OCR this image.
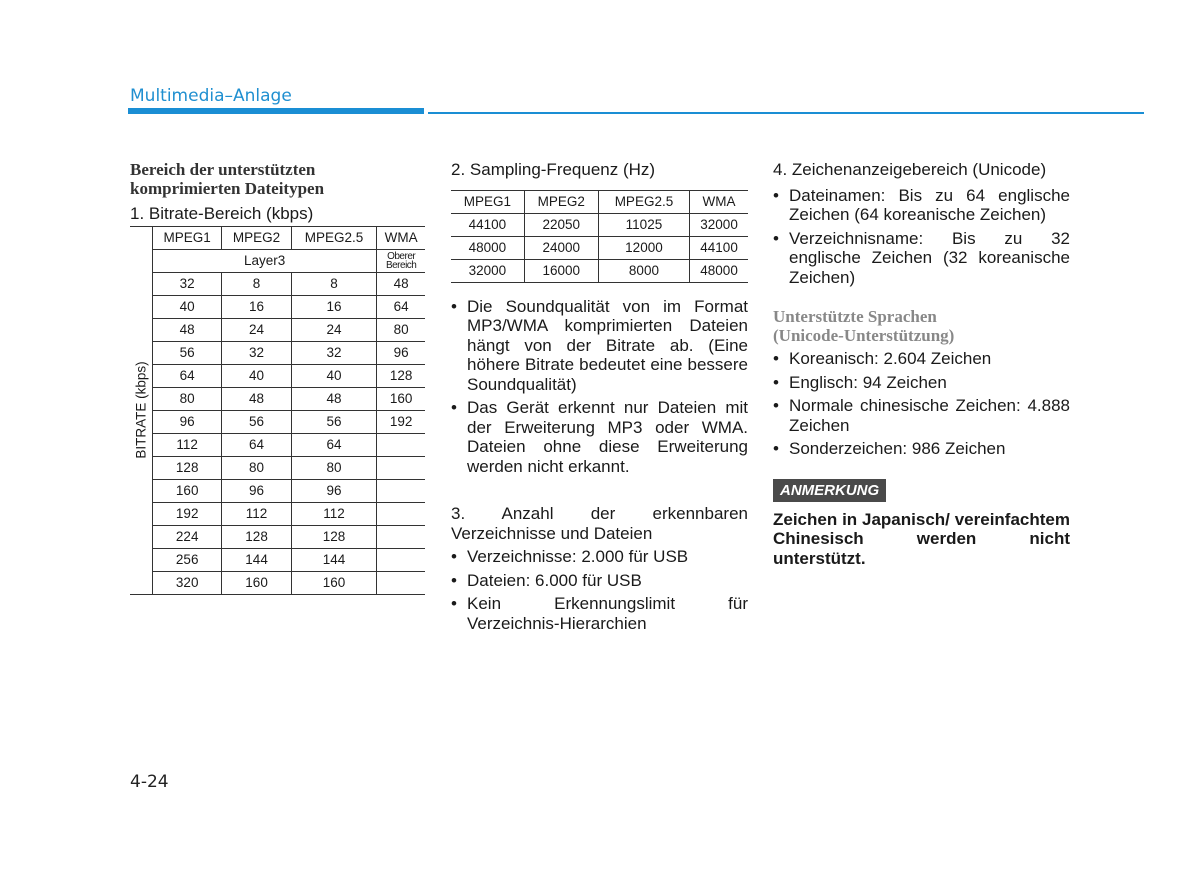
Multimedia–Anlage
Bereich der unterstützten
komprimierten Dateitypen
1. Bitrate-Bereich (kbps)
BITRATE (kbps)	MPEG1	MPEG2	MPEG2.5	WMA
	Layer3			Oberer
Bereich

	32	8	8	48
	40	16	16	64
	48	24	24	80
	56	32	32	96
	64	40	40	128
	80	48	48	160
	96	56	56	192
	112	64	64	
	128	80	80	
	160	96	96	
	192	112	112	
	224	128	128	
	256	144	144	
	320	160	160	
2. Sampling-Frequenz (Hz)
MPEG1	MPEG2	MPEG2.5	WMA
44100	22050	11025	32000
48000	24000	12000	44100
32000	16000	8000	48000
• Die Soundqualität von im Format MP3/WMA komprimierten Dateien hängt von der Bitrate ab. (Eine höhere Bitrate bedeutet eine bessere Soundqualität)
• Das Gerät erkennt nur Dateien mit der Erweiterung MP3 oder WMA. Dateien ohne diese Erweiterung werden nicht erkannt.
3. Anzahl der erkennbaren Verzeichnisse und Dateien
• Verzeichnisse: 2.000 für USB
• Dateien: 6.000 für USB
• Kein Erkennungslimit für Verzeichnis-Hierarchien
4. Zeichenanzeigebereich (Unicode)
• Dateinamen: Bis zu 64 englische Zeichen (64 koreanische Zeichen)
• Verzeichnisname: Bis zu 32 englische Zeichen (32 koreanische Zeichen)
Unterstützte Sprachen
(Unicode-Unterstützung)
• Koreanisch: 2.604 Zeichen
• Englisch: 94 Zeichen
• Normale chinesische Zeichen: 4.888 Zeichen
• Sonderzeichen: 986 Zeichen
ANMERKUNG
Zeichen in Japanisch/ vereinfachtem Chinesisch werden nicht unterstützt.
4-24
